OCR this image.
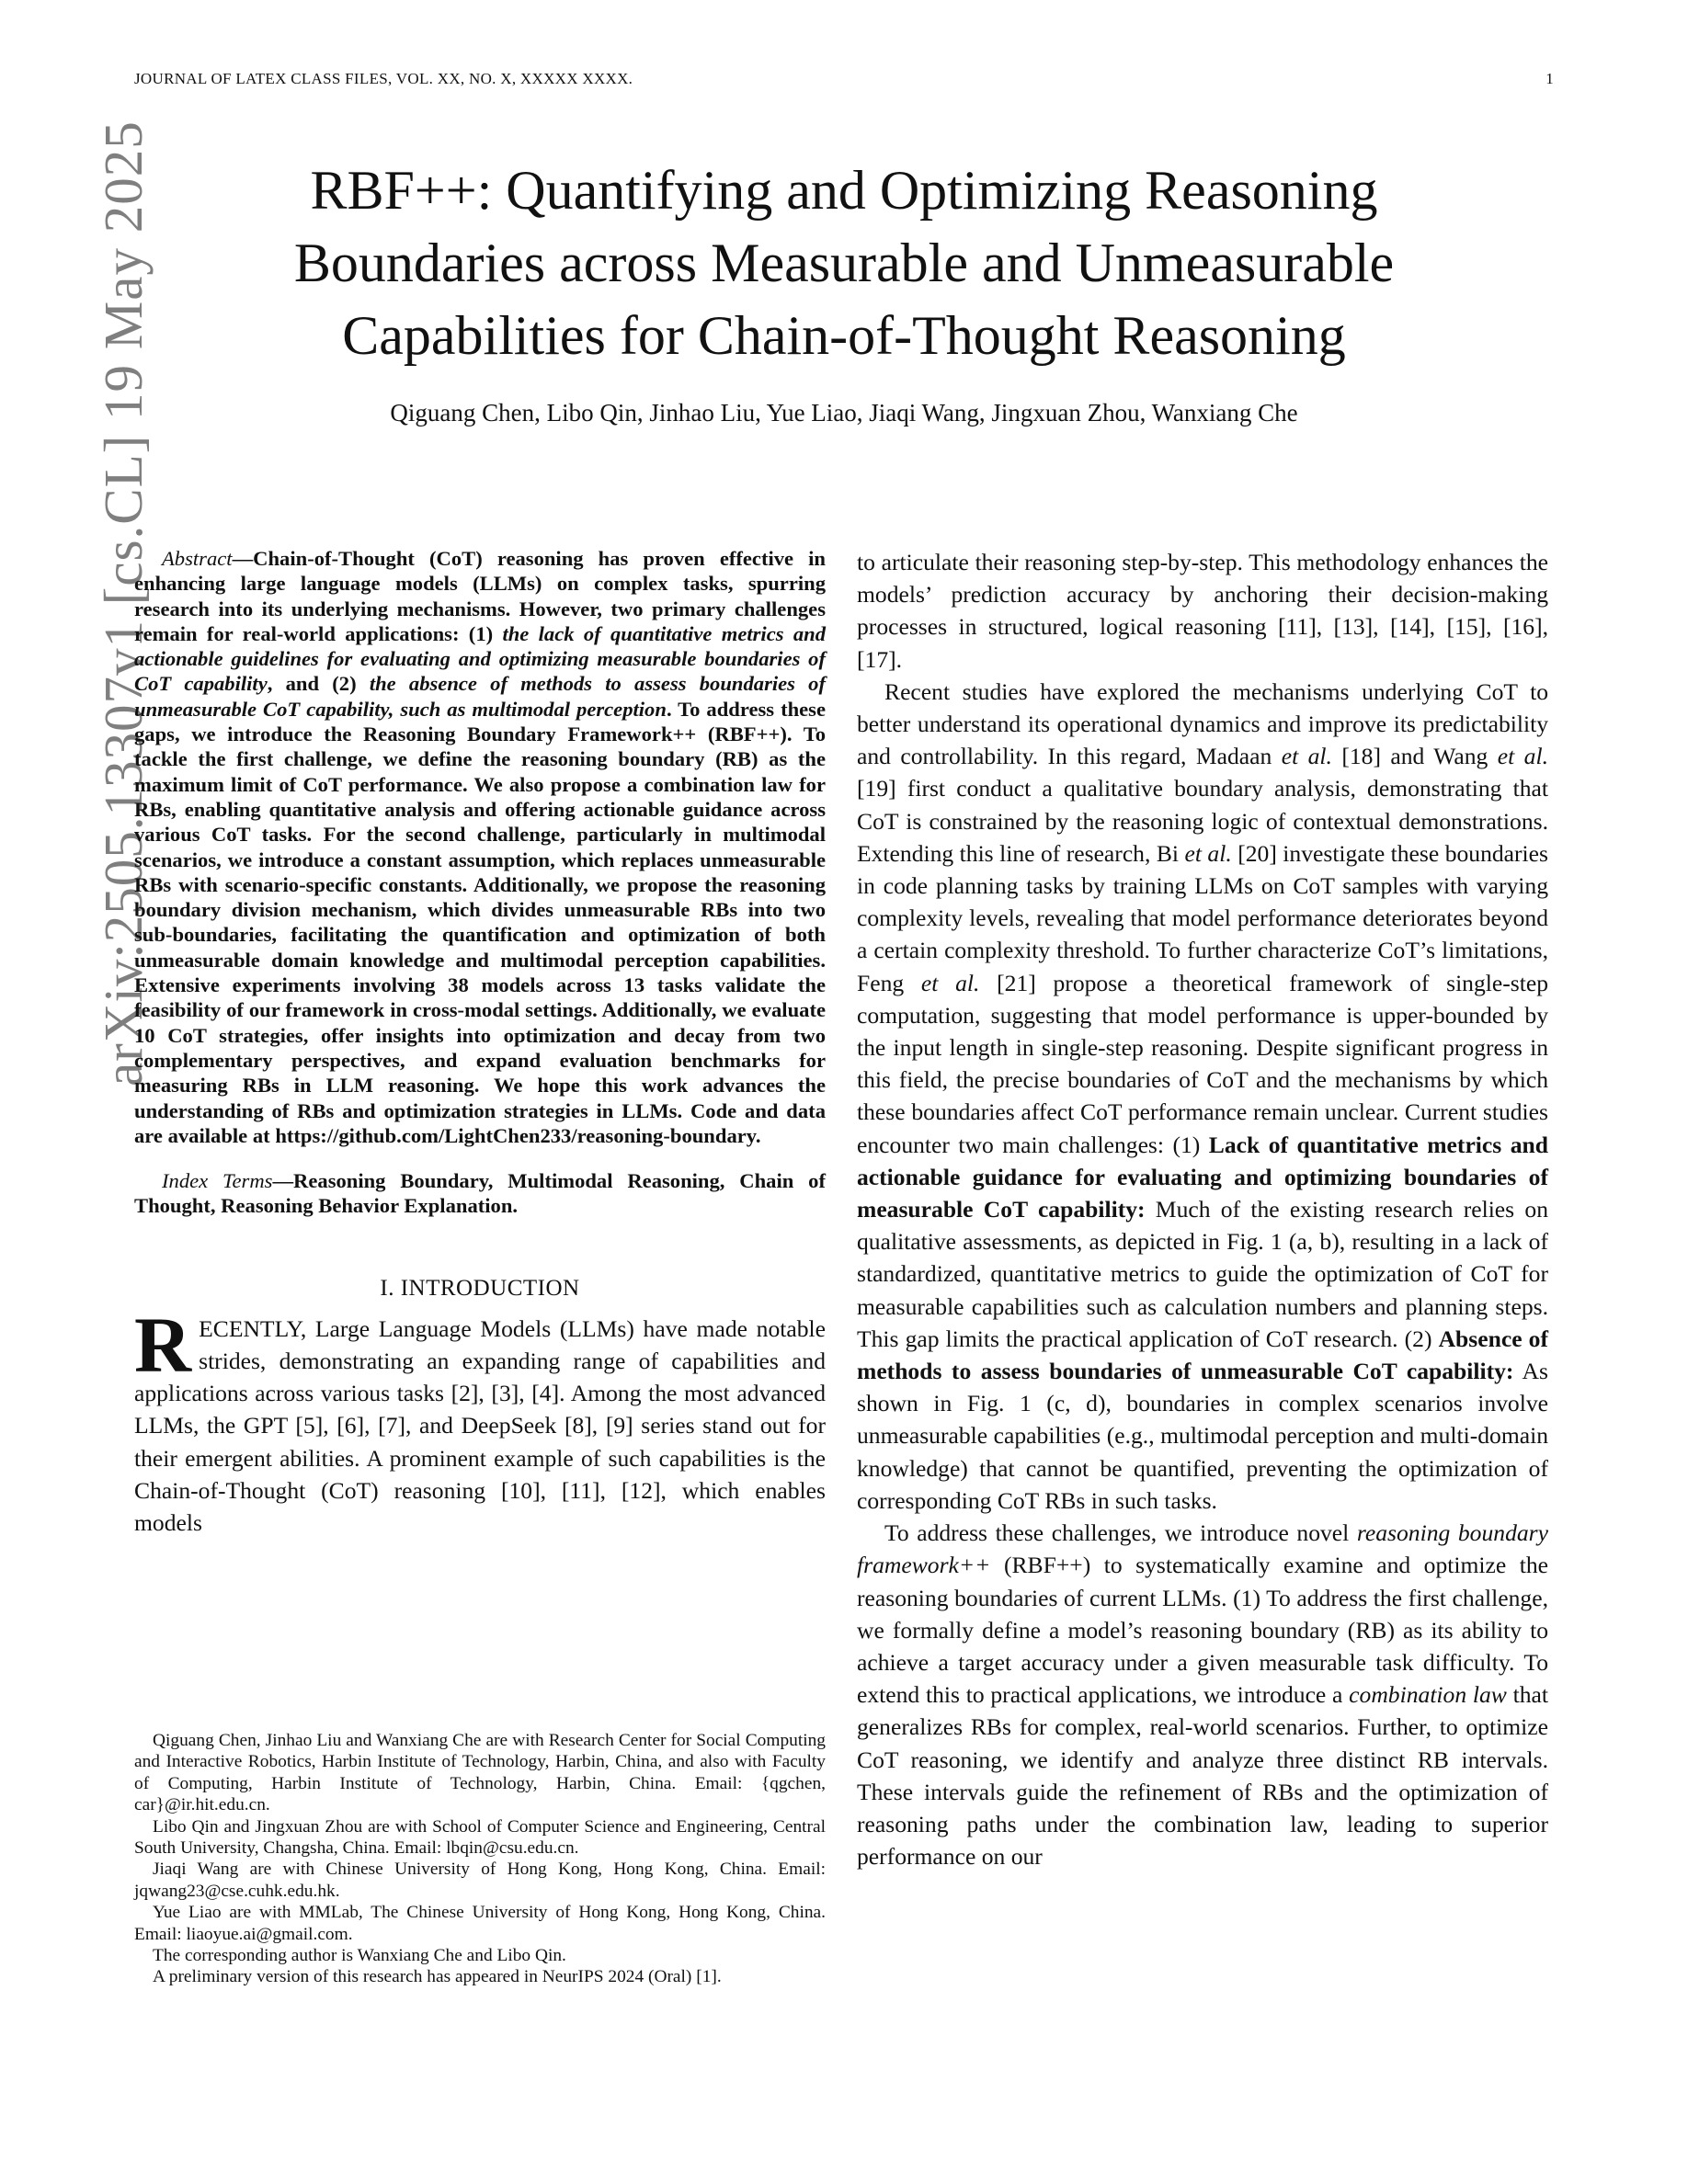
JOURNAL OF LATEX CLASS FILES, VOL. XX, NO. X, XXXXX XXXX.	1
RBF++: Quantifying and Optimizing Reasoning
Boundaries across Measurable and Unmeasurable
Capabilities for Chain-of-Thought Reasoning
Qiguang Chen, Libo Qin, Jinhao Liu, Yue Liao, Jiaqi Wang, Jingxuan Zhou, Wanxiang Che
arXiv:2505.13307v1 [cs.CL] 19 May 2025 Abstract—Chain-of-Thought (CoT) reasoning has proven effective in enhancing large language models (LLMs) on complex tasks, spurring research into its underlying mechanisms. However, two primary challenges remain for real-world applications: (1) the lack of quantitative metrics and actionable guidelines for evaluating and optimizing measurable boundaries of CoT capability, and (2) the absence of methods to assess boundaries of unmeasurable CoT capability, such as multimodal perception. To address these gaps, we introduce the Reasoning Boundary Framework++ (RBF++). To tackle the first challenge, we define the reasoning boundary (RB) as the maximum limit of CoT performance. We also propose a combination law for RBs, enabling quantitative analysis and offering actionable guidance across various CoT tasks. For the second challenge, particularly in multimodal scenarios, we introduce a constant assumption, which replaces unmeasurable RBs with scenario-specific constants. Additionally, we propose the reasoning boundary division mechanism, which divides unmeasurable RBs into two sub-boundaries, facilitating the quantification and optimization of both unmeasurable domain knowledge and multimodal perception capabilities. Extensive experiments involving 38 models across 13 tasks validate the feasibility of our framework in cross-modal settings. Additionally, we evaluate 10 CoT strategies, offer insights into optimization and decay from two complementary perspectives, and expand evaluation benchmarks for measuring RBs in LLM reasoning. We hope this work advances the understanding of RBs and optimization strategies in LLMs. Code and data are available at https://github.com/LightChen233/reasoning-boundary.

Index Terms—Reasoning Boundary, Multimodal Reasoning, Chain of Thought, Reasoning Behavior Explanation.

I. INTRODUCTION

RECENTLY, Large Language Models (LLMs) have made notable strides, demonstrating an expanding range of capabilities and applications across various tasks [2], [3], [4]. Among the most advanced LLMs, the GPT [5], [6], [7], and DeepSeek [8], [9] series stand out for their emergent abilities. A prominent example of such capabilities is the Chain-of-Thought (CoT) reasoning [10], [11], [12], which enables models

Qiguang Chen, Jinhao Liu and Wanxiang Che are with Research Center for Social Computing and Interactive Robotics, Harbin Institute of Technology, Harbin, China, and also with Faculty of Computing, Harbin Institute of Technology, Harbin, China. Email: {qgchen, car}@ir.hit.edu.cn.

Libo Qin and Jingxuan Zhou are with School of Computer Science and Engineering, Central South University, Changsha, China. Email: lbqin@csu.edu.cn.

Jiaqi Wang are with Chinese University of Hong Kong, Hong Kong, China. Email: jqwang23@cse.cuhk.edu.hk.

Yue Liao are with MMLab, The Chinese University of Hong Kong, Hong Kong, China. Email: liaoyue.ai@gmail.com.

The corresponding author is Wanxiang Che and Libo Qin.

A preliminary version of this research has appeared in NeurIPS 2024 (Oral) [1].

to articulate their reasoning step-by-step. This methodology enhances the models’ prediction accuracy by anchoring their decision-making processes in structured, logical reasoning [11], [13], [14], [15], [16], [17].

Recent studies have explored the mechanisms underlying CoT to better understand its operational dynamics and improve its predictability and controllability. In this regard, Madaan et al. [18] and Wang et al. [19] first conduct a qualitative boundary analysis, demonstrating that CoT is constrained by the reasoning logic of contextual demonstrations. Extending this line of research, Bi et al. [20] investigate these boundaries in code planning tasks by training LLMs on CoT samples with varying complexity levels, revealing that model performance deteriorates beyond a certain complexity threshold. To further characterize CoT’s limitations, Feng et al. [21] propose a theoretical framework of single-step computation, suggesting that model performance is upper-bounded by the input length in single-step reasoning. Despite significant progress in this field, the precise boundaries of CoT and the mechanisms by which these boundaries affect CoT performance remain unclear. Current studies encounter two main challenges: (1) Lack of quantitative metrics and actionable guidance for evaluating and optimizing boundaries of measurable CoT capability: Much of the existing research relies on qualitative assessments, as depicted in Fig. 1 (a, b), resulting in a lack of standardized, quantitative metrics to guide the optimization of CoT for measurable capabilities such as calculation numbers and planning steps. This gap limits the practical application of CoT research. (2) Absence of methods to assess boundaries of unmeasurable CoT capability: As shown in Fig. 1 (c, d), boundaries in complex scenarios involve unmeasurable capabilities (e.g., multimodal perception and multi-domain knowledge) that cannot be quantified, preventing the optimization of corresponding CoT RBs in such tasks.

To address these challenges, we introduce novel reasoning boundary framework++ (RBF++) to systematically examine and optimize the reasoning boundaries of current LLMs. (1) To address the first challenge, we formally define a model’s reasoning boundary (RB) as its ability to achieve a target accuracy under a given measurable task difficulty. To extend this to practical applications, we introduce a combination law that generalizes RBs for complex, real-world scenarios. Further, to optimize CoT reasoning, we identify and analyze three distinct RB intervals. These intervals guide the refinement of RBs and the optimization of reasoning paths under the combination law, leading to superior performance on our
